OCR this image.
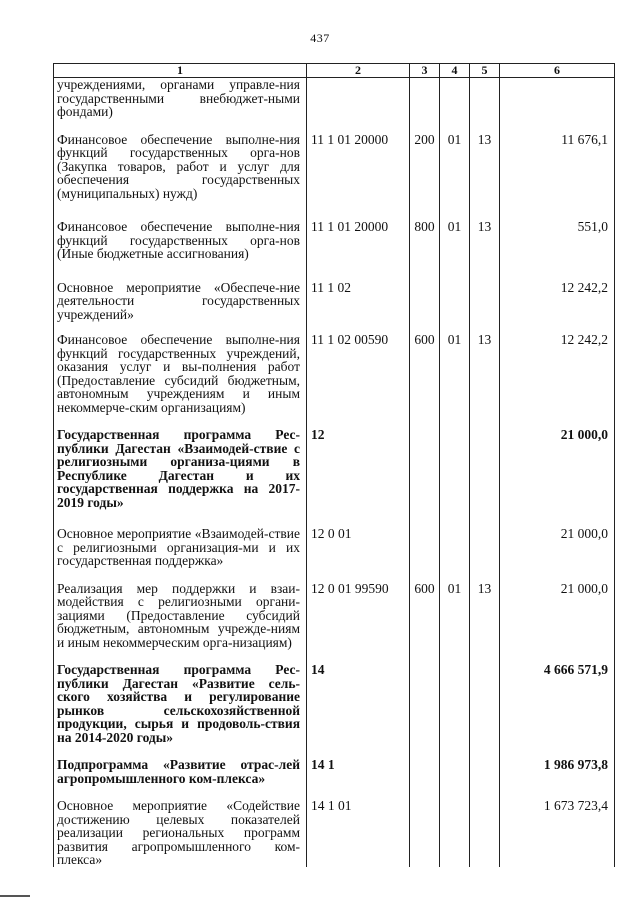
437
1	2	3	4	5	6
учреждениями, органами управле-ния государственными внебюджет-ными фондами)					
Финансовое обеспечение выполне-ния функций государственных орга-нов (Закупка товаров, работ и услуг для обеспечения государственных (муниципальных) нужд)	11 1 01 20000	200	01	13	11 676,1
Финансовое обеспечение выполне-ния функций государственных орга-нов (Иные бюджетные ассигнования)	11 1 01 20000	800	01	13	551,0
Основное мероприятие «Обеспече-ние деятельности государственных учреждений»	11 1 02				12 242,2
Финансовое обеспечение выполне-ния функций государственных учреждений, оказания услуг и вы-полнения работ (Предоставление субсидий бюджетным, автономным учреждениям и иным некоммерче-ским организациям)	11 1 02 00590	600	01	13	12 242,2
Государственная программа Рес-публики Дагестан «Взаимодей-ствие с религиозными организа-циями в Республике Дагестан и их государственная поддержка на 2017-2019 годы»	12				21 000,0
Основное мероприятие «Взаимодей-ствие с религиозными организация-ми и их государственная поддержка»	12 0 01				21 000,0
Реализация мер поддержки и взаи-модействия с религиозными органи-зациями (Предоставление субсидий бюджетным, автономным учрежде-ниям и иным некоммерческим орга-низациям)	12 0 01 99590	600	01	13	21 000,0
Государственная программа Рес-публики Дагестан «Развитие сель-ского хозяйства и регулирование рынков сельскохозяйственной продукции, сырья и продоволь-ствия на 2014-2020 годы»	14				4 666 571,9
Подпрограмма «Развитие отрас-лей агропромышленного ком-плекса»	14 1				1 986 973,8
Основное мероприятие «Содействие достижению целевых показателей реализации региональных программ развития агропромышленного ком-плекса»	14 1 01				1 673 723,4
